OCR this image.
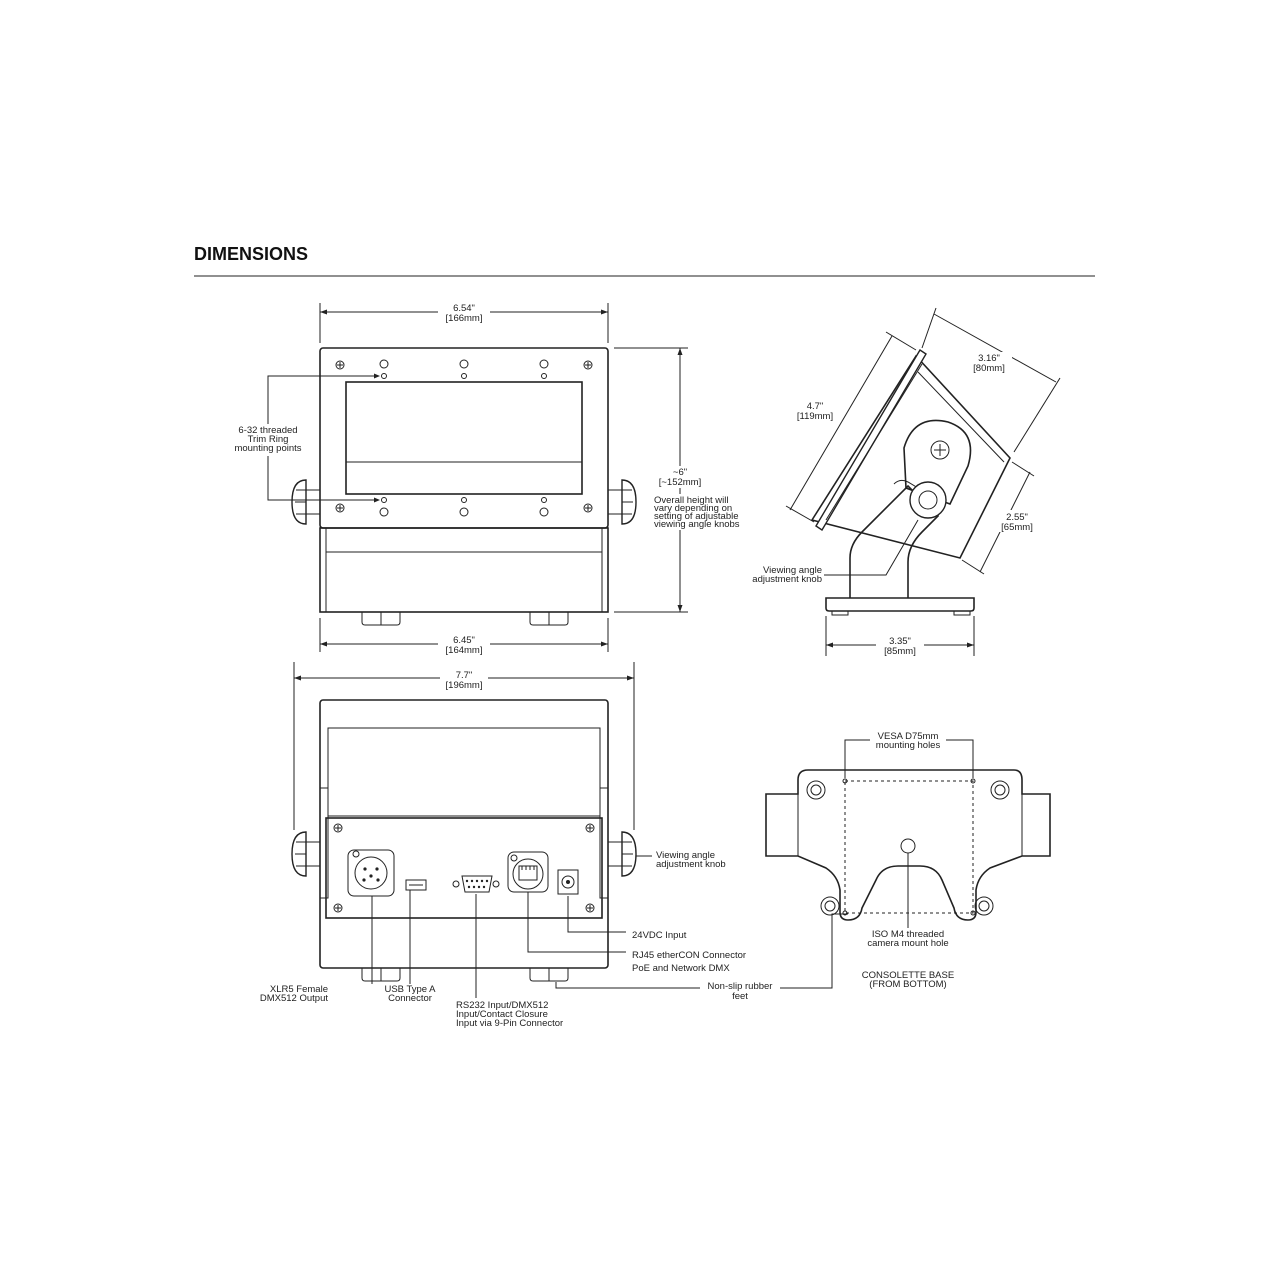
DIMENSIONS
6.54"
[166mm]
6-32 threaded
Trim Ring
mounting points
~6"
[~152mm]
Overall height will
vary depending on
setting of adjustable
viewing angle knobs
6.45"
[164mm]
Viewing angle
adjustment knob
4.7"
[119mm]
3.16"
[80mm]
2.55"
[65mm]
3.35"
[85mm]
7.7"
[196mm]
Viewing angle
adjustment knob
24VDC Input
RJ45 etherCON Connector
PoE and Network DMX
Non-slip rubber
feet
XLR5 Female
DMX512 Output
USB Type A
Connector
RS232 Input/DMX512
Input/Contact Closure
Input via 9-Pin Connector
VESA D75mm
mounting holes
ISO M4 threaded
camera mount hole
CONSOLETTE BASE
(FROM BOTTOM)
